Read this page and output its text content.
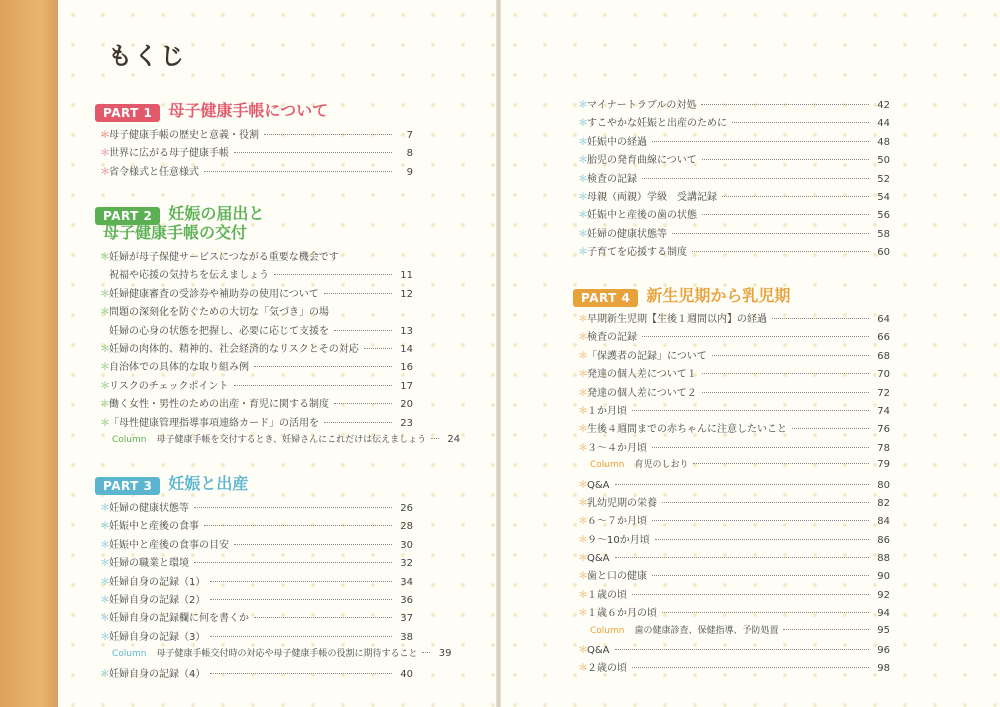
もくじ
PART 1	母子健康手帳について
＊ 母子健康手帳の歴史と意義・役割	7
＊ 世界に広がる母子健康手帳	8
＊ 省令様式と任意様式	9
PART 2	妊娠の届出と
母子健康手帳の交付
＊ 妊婦が母子保健サービスにつながる重要な機会です
祝福や応援の気持ちを伝えましょう	11
＊ 妊婦健康審査の受診券や補助券の使用について	12
＊ 問題の深刻化を防ぐための大切な「気づき」の場
妊婦の心身の状態を把握し、必要に応じて支援を	13
＊ 妊婦の肉体的、精神的、社会経済的なリスクとその対応	14
＊ 自治体での具体的な取り組み例	16
＊ リスクのチェックポイント	17
＊ 働く女性・男性のための出産・育児に関する制度	20
＊ 「母性健康管理指導事項連絡カード」の活用を	23
Column 母子健康手帳を交付するとき、妊婦さんにこれだけは伝えましょう	24
PART 3	妊娠と出産
＊ 妊婦の健康状態等	26
＊ 妊娠中と産後の食事	28
＊ 妊娠中と産後の食事の目安	30
＊ 妊婦の職業と環境	32
＊ 妊婦自身の記録（1）	34
＊ 妊婦自身の記録（2）	36
＊ 妊婦自身の記録欄に何を書くか	37
＊ 妊婦自身の記録（3）	38
Column 母子健康手帳交付時の対応や母子健康手帳の役割に期待すること	39
＊ 妊婦自身の記録（4）	40
＊ マイナートラブルの対処	42
＊ すこやかな妊娠と出産のために	44
＊ 妊娠中の経過	48
＊ 胎児の発育曲線について	50
＊ 検査の記録	52
＊ 母親（両親）学級　受講記録	54
＊ 妊娠中と産後の歯の状態	56
＊ 妊婦の健康状態等	58
＊ 子育てを応援する制度	60
PART 4	新生児期から乳児期
＊ 早期新生児期【生後１週間以内】の経過	64
＊ 検査の記録	66
＊ 「保護者の記録」について	68
＊ 発達の個人差について１	70
＊ 発達の個人差について２	72
＊ １か月頃	74
＊ 生後４週間までの赤ちゃんに注意したいこと	76
＊ ３～４か月頃	78
Column 育児のしおり	79
＊ Q&A	80
＊ 乳幼児期の栄養	82
＊ ６～７か月頃	84
＊ ９～10か月頃	86
＊ Q&A	88
＊ 歯と口の健康	90
＊ １歳の頃	92
＊ １歳６か月の頃	94
Column 歯の健康診査、保健指導、予防処置	95
＊ Q&A	96
＊ ２歳の頃	98
